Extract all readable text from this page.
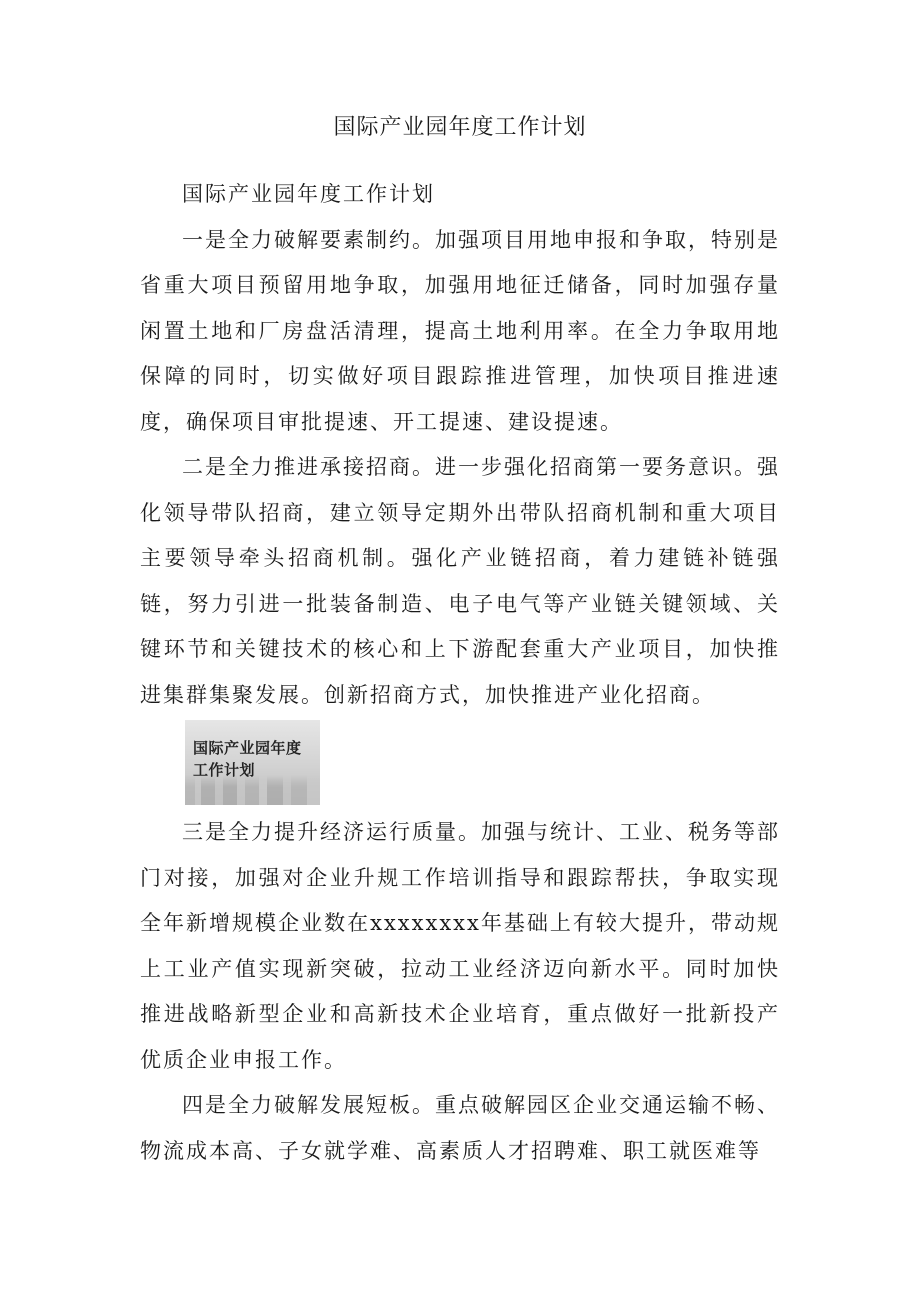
国际产业园年度工作计划

国际产业园年度工作计划

一是全力破解要素制约。加强项目用地申报和争取，特别是省重大项目预留用地争取，加强用地征迁储备，同时加强存量闲置土地和厂房盘活清理，提高土地利用率。在全力争取用地保障的同时，切实做好项目跟踪推进管理，加快项目推进速度，确保项目审批提速、开工提速、建设提速。

二是全力推进承接招商。进一步强化招商第一要务意识。强化领导带队招商，建立领导定期外出带队招商机制和重大项目主要领导牵头招商机制。强化产业链招商，着力建链补链强链，努力引进一批装备制造、电子电气等产业链关键领域、关键环节和关键技术的核心和上下游配套重大产业项目，加快推进集群集聚发展。创新招商方式，加快推进产业化招商。

国际产业园年度
工作计划

三是全力提升经济运行质量。加强与统计、工业、税务等部门对接，加强对企业升规工作培训指导和跟踪帮扶，争取实现全年新增规模企业数在xxxxxxxx年基础上有较大提升，带动规上工业产值实现新突破，拉动工业经济迈向新水平。同时加快推进战略新型企业和高新技术企业培育，重点做好一批新投产优质企业申报工作。

四是全力破解发展短板。重点破解园区企业交通运输不畅、物流成本高、子女就学难、高素质人才招聘难、职工就医难等
